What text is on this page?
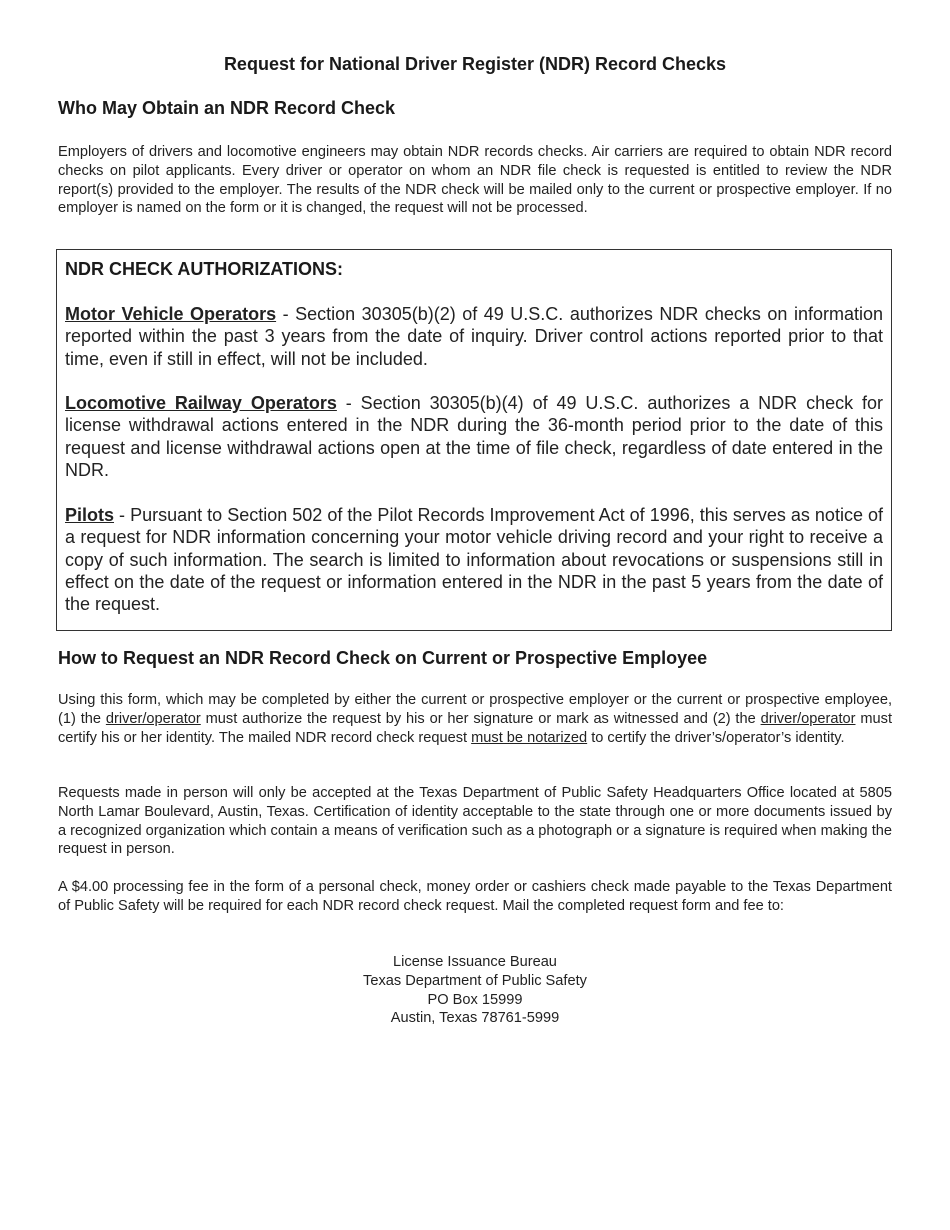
Request for National Driver Register (NDR) Record Checks
Who May Obtain an NDR Record Check
Employers of drivers and locomotive engineers may obtain NDR records checks. Air carriers are required to obtain NDR record checks on pilot applicants. Every driver or operator on whom an NDR file check is requested is entitled to review the NDR report(s) provided to the employer. The results of the NDR check will be mailed only to the current or prospective employer. If no employer is named on the form or it is changed, the request will not be processed.
NDR CHECK AUTHORIZATIONS:
Motor Vehicle Operators - Section 30305(b)(2) of 49 U.S.C. authorizes NDR checks on information reported within the past 3 years from the date of inquiry. Driver control actions reported prior to that time, even if still in effect, will not be included.
Locomotive Railway Operators - Section 30305(b)(4) of 49 U.S.C. authorizes a NDR check for license withdrawal actions entered in the NDR during the 36-month period prior to the date of this request and license withdrawal actions open at the time of file check, regardless of date entered in the NDR.
Pilots - Pursuant to Section 502 of the Pilot Records Improvement Act of 1996, this serves as notice of a request for NDR information concerning your motor vehicle driving record and your right to receive a copy of such information. The search is limited to information about revocations or suspensions still in effect on the date of the request or information entered in the NDR in the past 5 years from the date of the request.
How to Request an NDR Record Check on Current or Prospective Employee
Using this form, which may be completed by either the current or prospective employer or the current or prospective employee, (1) the driver/operator must authorize the request by his or her signature or mark as witnessed and (2) the driver/operator must certify his or her identity. The mailed NDR record check request must be notarized to certify the driver’s/operator’s identity.
Requests made in person will only be accepted at the Texas Department of Public Safety Headquarters Office located at 5805 North Lamar Boulevard, Austin, Texas. Certification of identity acceptable to the state through one or more documents issued by a recognized organization which contain a means of verification such as a photograph or a signature is required when making the request in person.
A $4.00 processing fee in the form of a personal check, money order or cashiers check made payable to the Texas Department of Public Safety will be required for each NDR record check request. Mail the completed request form and fee to:
License Issuance Bureau
Texas Department of Public Safety
PO Box 15999
Austin, Texas 78761-5999
